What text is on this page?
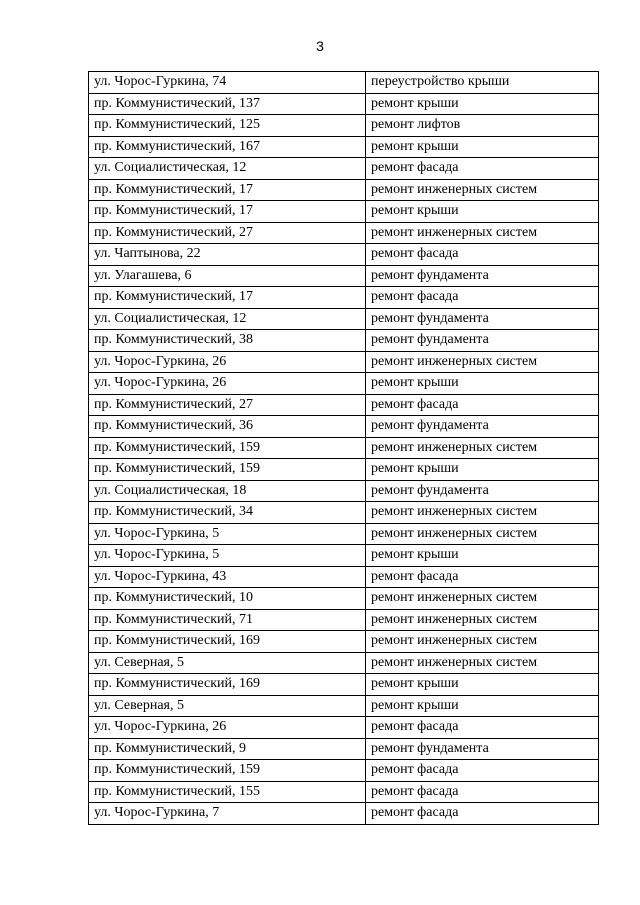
3
ул. Чорос-Гуркина, 74	переустройство крыши
пр. Коммунистический, 137	ремонт крыши
пр. Коммунистический, 125	ремонт лифтов
пр. Коммунистический, 167	ремонт крыши
ул. Социалистическая, 12	ремонт фасада
пр. Коммунистический, 17	ремонт инженерных систем
пр. Коммунистический, 17	ремонт крыши
пр. Коммунистический, 27	ремонт инженерных систем
ул. Чаптынова, 22	ремонт фасада
ул. Улагашева, 6	ремонт фундамента
пр. Коммунистический, 17	ремонт фасада
ул. Социалистическая, 12	ремонт фундамента
пр. Коммунистический, 38	ремонт фундамента
ул. Чорос-Гуркина, 26	ремонт инженерных систем
ул. Чорос-Гуркина, 26	ремонт крыши
пр. Коммунистический, 27	ремонт фасада
пр. Коммунистический, 36	ремонт фундамента
пр. Коммунистический, 159	ремонт инженерных систем
пр. Коммунистический, 159	ремонт крыши
ул. Социалистическая, 18	ремонт фундамента
пр. Коммунистический, 34	ремонт инженерных систем
ул. Чорос-Гуркина, 5	ремонт инженерных систем
ул. Чорос-Гуркина, 5	ремонт крыши
ул. Чорос-Гуркина, 43	ремонт фасада
пр. Коммунистический, 10	ремонт инженерных систем
пр. Коммунистический, 71	ремонт инженерных систем
пр. Коммунистический, 169	ремонт инженерных систем
ул. Северная, 5	ремонт инженерных систем
пр. Коммунистический, 169	ремонт крыши
ул. Северная, 5	ремонт крыши
ул. Чорос-Гуркина, 26	ремонт фасада
пр. Коммунистический, 9	ремонт фундамента
пр. Коммунистический, 159	ремонт фасада
пр. Коммунистический, 155	ремонт фасада
ул. Чорос-Гуркина, 7	ремонт фасада
